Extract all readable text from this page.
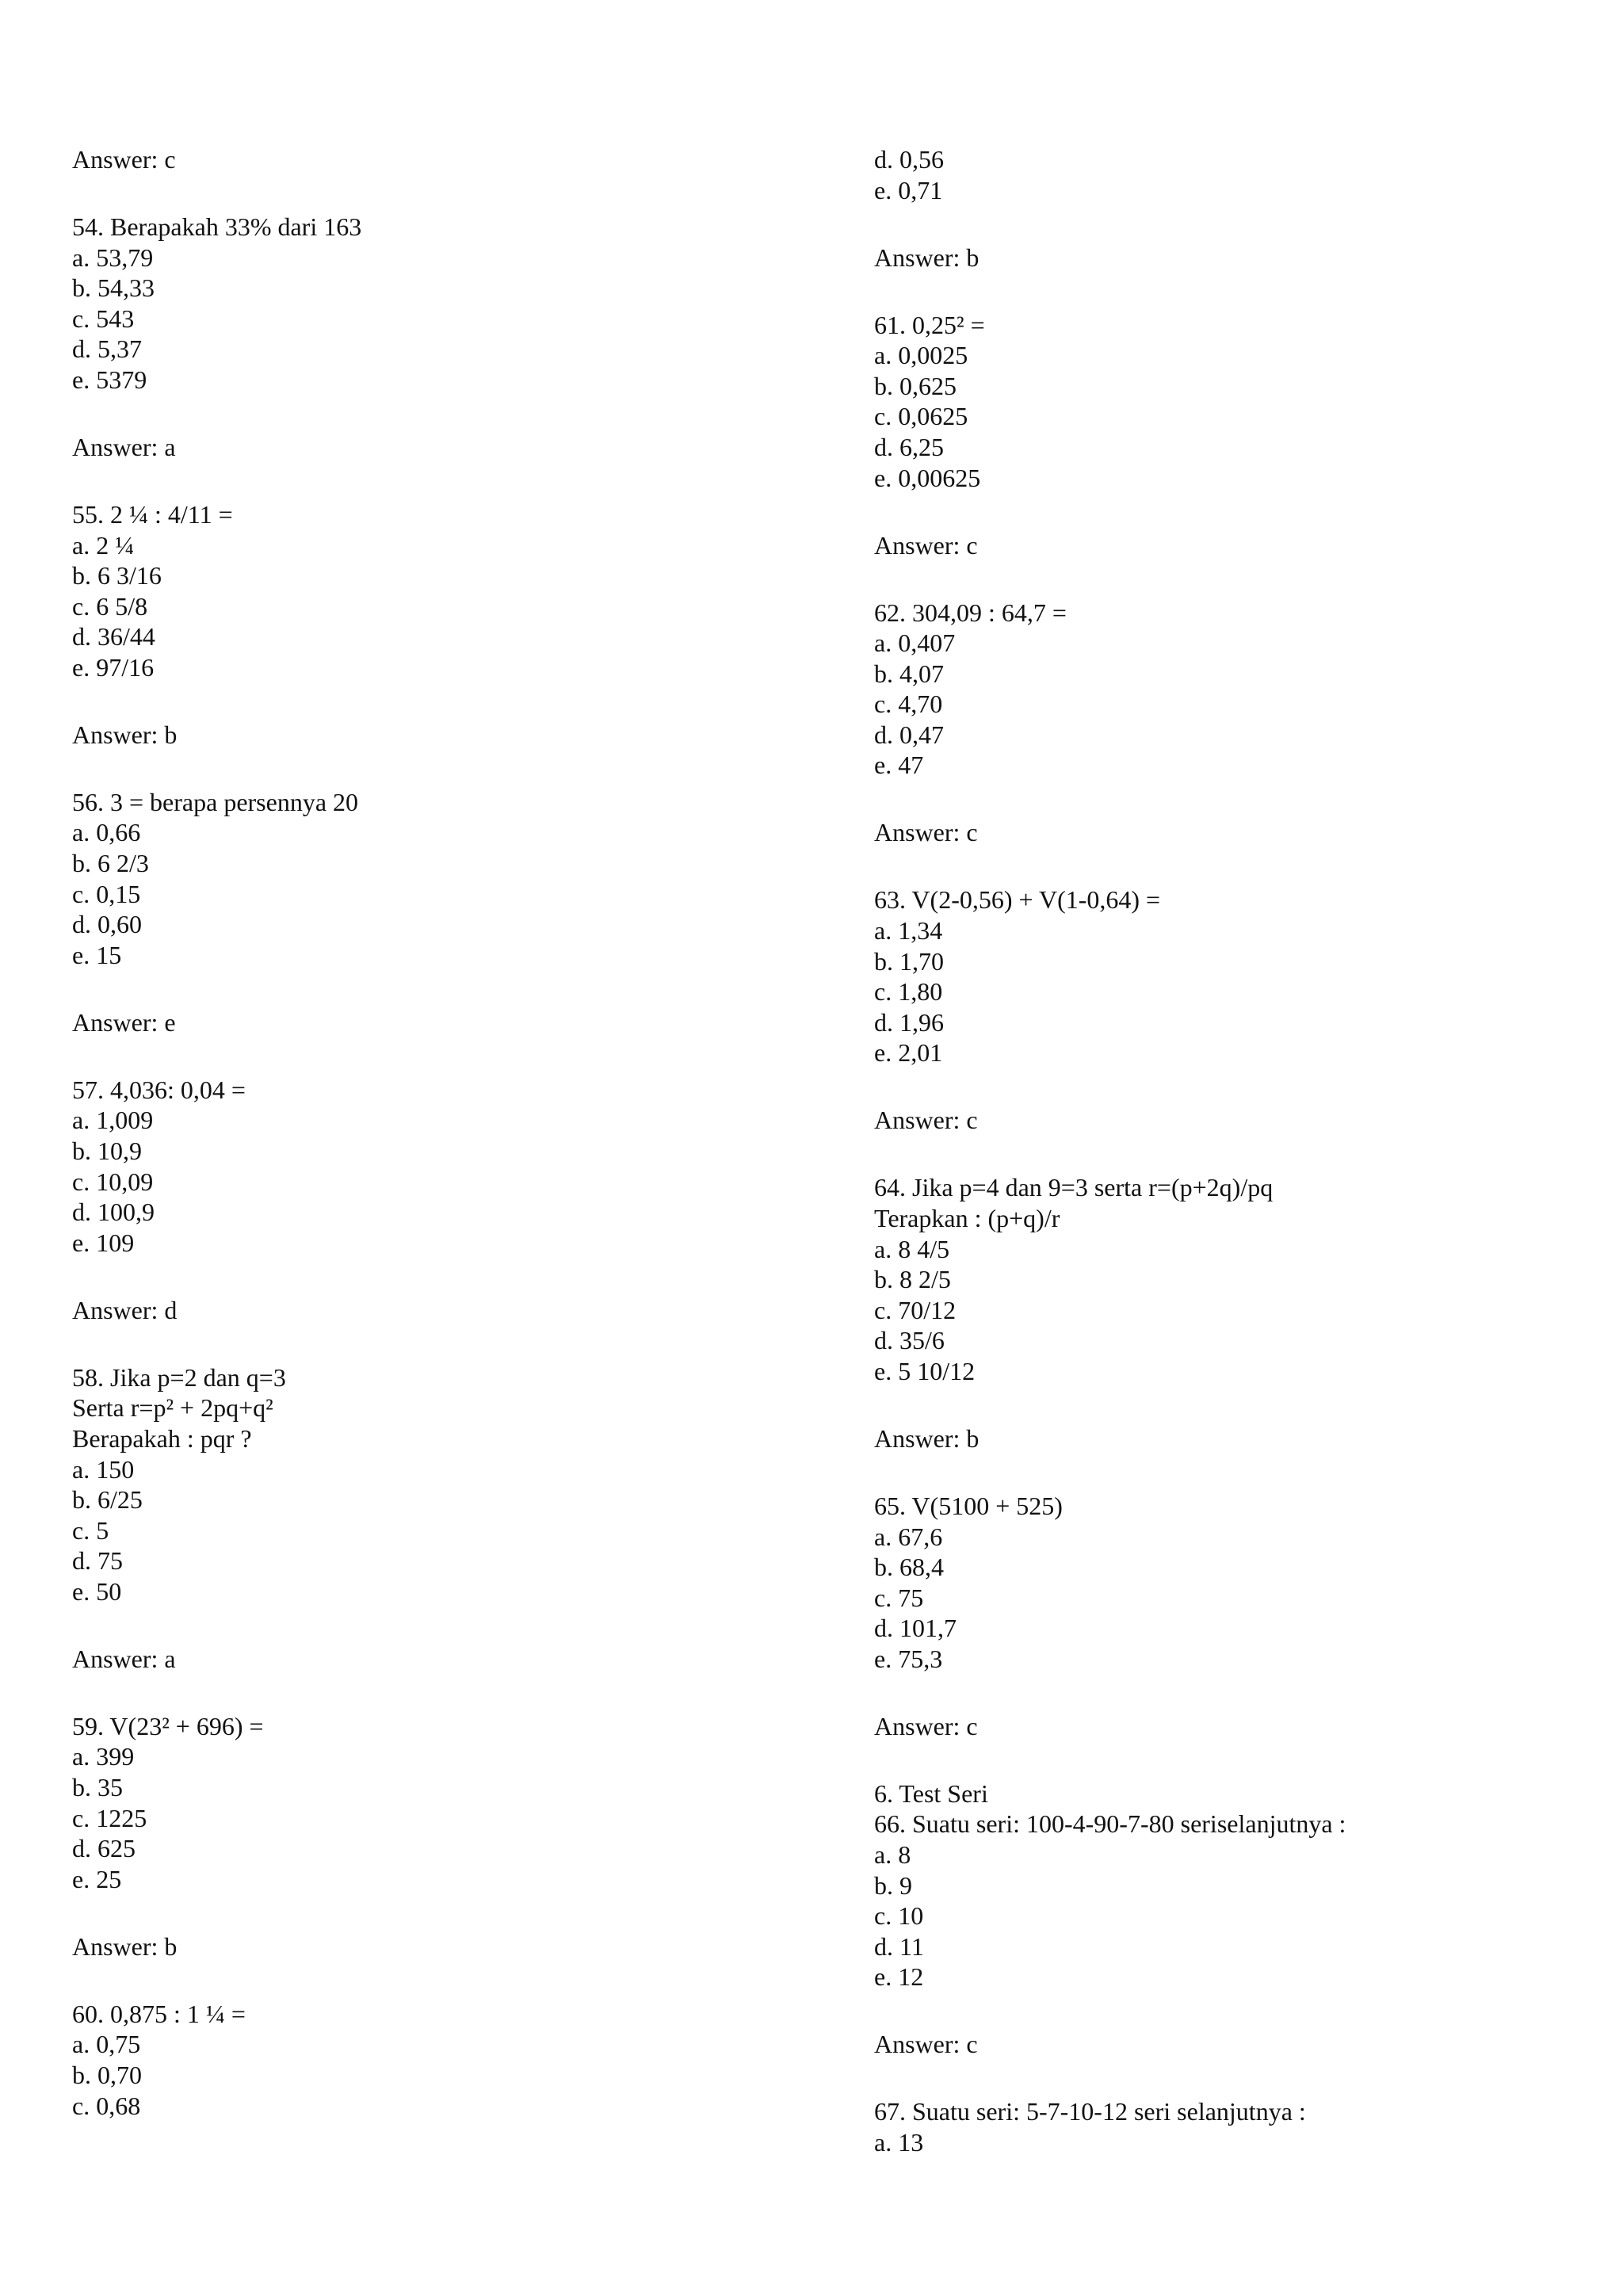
Answer: c
54. Berapakah 33% dari 163
a. 53,79
b. 54,33
c. 543
d. 5,37
e. 5379
Answer: a
55. 2 ¼ : 4/11 =
a. 2 ¼
b. 6 3/16
c. 6 5/8
d. 36/44
e. 97/16
Answer: b
56. 3 = berapa persennya 20
a. 0,66
b. 6 2/3
c. 0,15
d. 0,60
e. 15
Answer: e
57. 4,036: 0,04 =
a. 1,009
b. 10,9
c. 10,09
d. 100,9
e. 109
Answer: d
58. Jika p=2 dan q=3
Serta r=p² + 2pq+q²
Berapakah : pqr ?
a. 150
b. 6/25
c. 5
d. 75
e. 50
Answer: a
59. V(23² + 696) =
a. 399
b. 35
c. 1225
d. 625
e. 25
Answer: b
60. 0,875 : 1 ¼ =
a. 0,75
b. 0,70
c. 0,68
d. 0,56
e. 0,71
Answer: b
61. 0,25² =
a. 0,0025
b. 0,625
c. 0,0625
d. 6,25
e. 0,00625
Answer: c
62. 304,09 : 64,7 =
a. 0,407
b. 4,07
c. 4,70
d. 0,47
e. 47
Answer: c
63. V(2-0,56) + V(1-0,64) =
a. 1,34
b. 1,70
c. 1,80
d. 1,96
e. 2,01
Answer: c
64. Jika p=4 dan 9=3 serta r=(p+2q)/pq
Terapkan : (p+q)/r
a. 8 4/5
b. 8 2/5
c. 70/12
d. 35/6
e. 5 10/12
Answer: b
65. V(5100 + 525)
a. 67,6
b. 68,4
c. 75
d. 101,7
e. 75,3
Answer: c
6. Test Seri
66. Suatu seri: 100-4-90-7-80 seriselanjutnya :
a. 8
b. 9
c. 10
d. 11
e. 12
Answer: c
67. Suatu seri: 5-7-10-12 seri selanjutnya :
a. 13
